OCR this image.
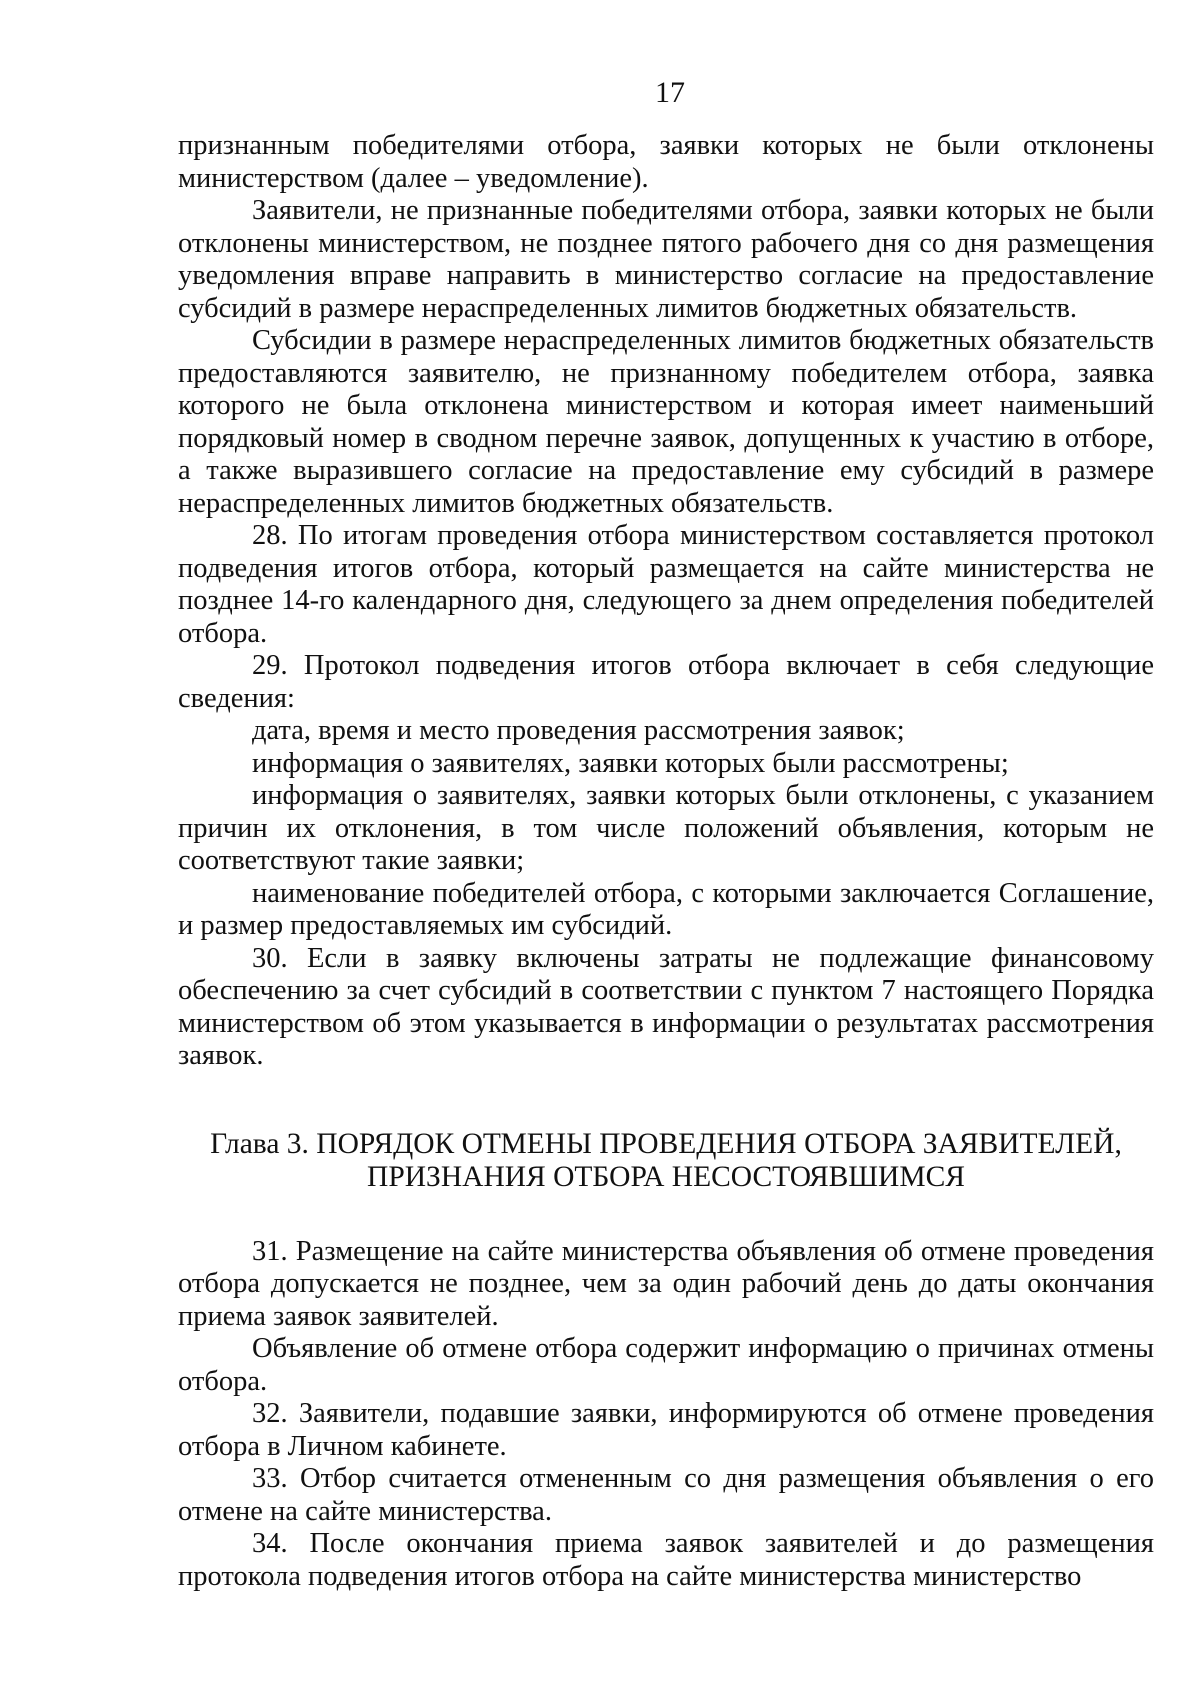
17

признанным победителями отбора, заявки которых не были отклонены министерством (далее – уведомление).

Заявители, не признанные победителями отбора, заявки которых не были отклонены министерством, не позднее пятого рабочего дня со дня размещения уведомления вправе направить в министерство согласие на предоставление субсидий в размере нераспределенных лимитов бюджетных обязательств.

Субсидии в размере нераспределенных лимитов бюджетных обязательств предоставляются заявителю, не признанному победителем отбора, заявка которого не была отклонена министерством и которая имеет наименьший порядковый номер в сводном перечне заявок, допущенных к участию в отборе, а также выразившего согласие на предоставление ему субсидий в размере нераспределенных лимитов бюджетных обязательств.

28. По итогам проведения отбора министерством составляется протокол подведения итогов отбора, который размещается на сайте министерства не позднее 14-го календарного дня, следующего за днем определения победителей отбора.

29. Протокол подведения итогов отбора включает в себя следующие сведения:

дата, время и место проведения рассмотрения заявок;

информация о заявителях, заявки которых были рассмотрены;

информация о заявителях, заявки которых были отклонены, с указанием причин их отклонения, в том числе положений объявления, которым не соответствуют такие заявки;

наименование победителей отбора, с которыми заключается Соглашение, и размер предоставляемых им субсидий.

30. Если в заявку включены затраты не подлежащие финансовому обеспечению за счет субсидий в соответствии с пунктом 7 настоящего Порядка министерством об этом указывается в информации о результатах рассмотрения заявок.

Глава 3. ПОРЯДОК ОТМЕНЫ ПРОВЕДЕНИЯ ОТБОРА ЗАЯВИТЕЛЕЙ,
ПРИЗНАНИЯ ОТБОРА НЕСОСТОЯВШИМСЯ

31. Размещение на сайте министерства объявления об отмене проведения отбора допускается не позднее, чем за один рабочий день до даты окончания приема заявок заявителей.

Объявление об отмене отбора содержит информацию о причинах отмены отбора.

32. Заявители, подавшие заявки, информируются об отмене проведения отбора в Личном кабинете.

33. Отбор считается отмененным со дня размещения объявления о его отмене на сайте министерства.

34. После окончания приема заявок заявителей и до размещения протокола подведения итогов отбора на сайте министерства министерство
